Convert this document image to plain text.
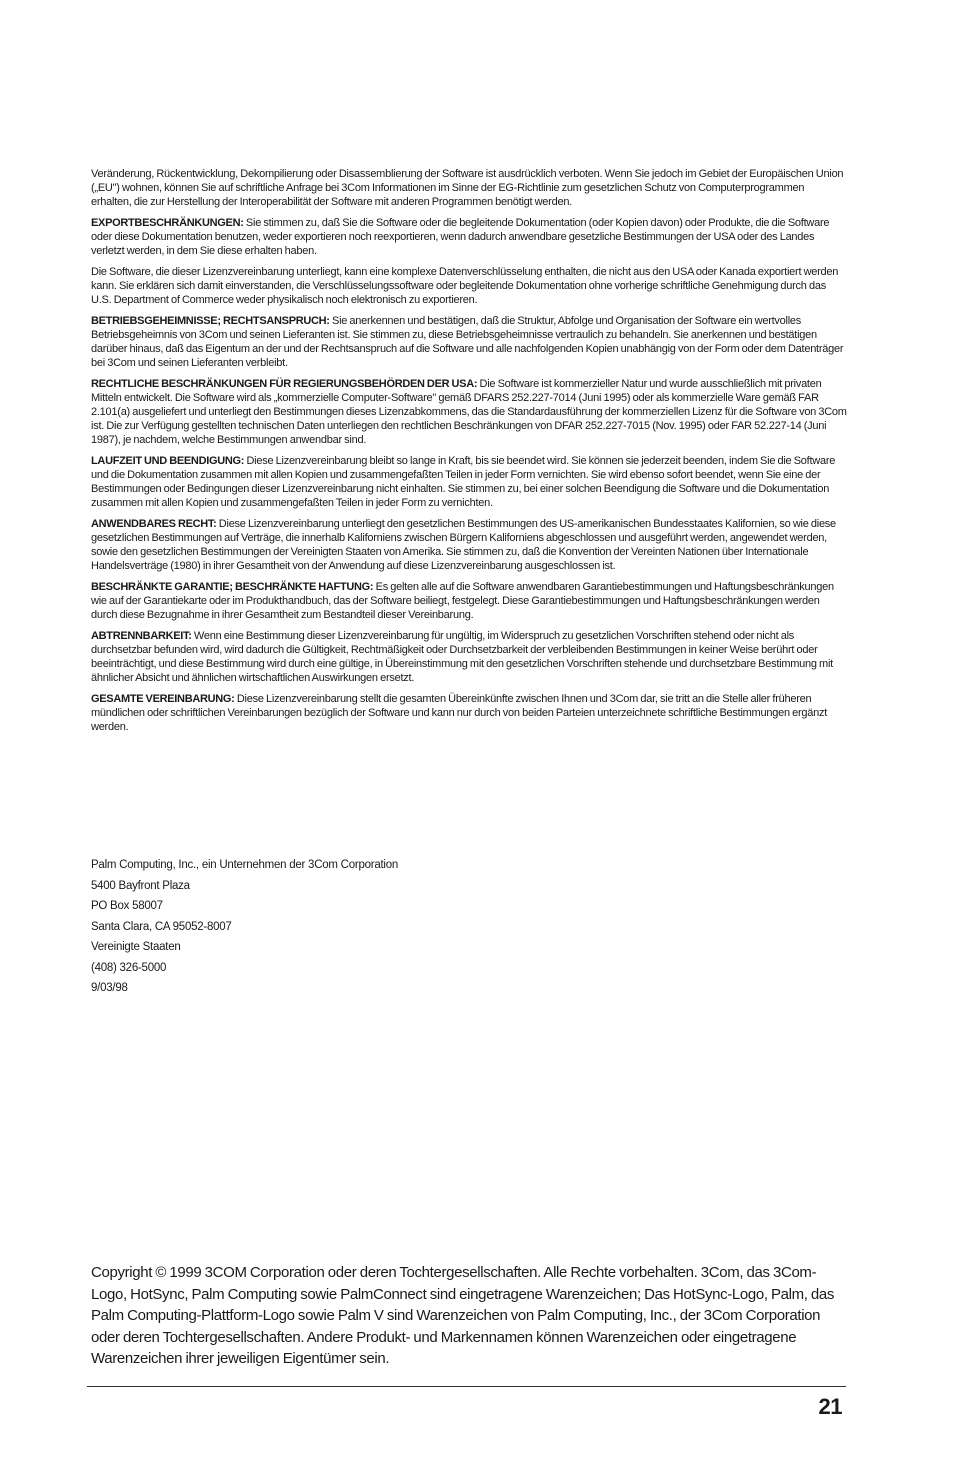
Veränderung, Rückentwicklung, Dekompilierung oder Disassemblierung der Software ist ausdrücklich verboten. Wenn Sie jedoch im Gebiet der Europäischen Union („EU") wohnen, können Sie auf schriftliche Anfrage bei 3Com Informationen im Sinne der EG-Richtlinie zum gesetzlichen Schutz von Computerprogrammen erhalten, die zur Herstellung der Interoperabilität der Software mit anderen Programmen benötigt werden.

EXPORTBESCHRÄNKUNGEN: Sie stimmen zu, daß Sie die Software oder die begleitende Dokumentation (oder Kopien davon) oder Produkte, die die Software oder diese Dokumentation benutzen, weder exportieren noch reexportieren, wenn dadurch anwendbare gesetzliche Bestimmungen der USA oder des Landes verletzt werden, in dem Sie diese erhalten haben.

Die Software, die dieser Lizenzvereinbarung unterliegt, kann eine komplexe Datenverschlüsselung enthalten, die nicht aus den USA oder Kanada exportiert werden kann. Sie erklären sich damit einverstanden, die Verschlüsselungssoftware oder begleitende Dokumentation ohne vorherige schriftliche Genehmigung durch das U.S. Department of Commerce weder physikalisch noch elektronisch zu exportieren.

BETRIEBSGEHEIMNISSE; RECHTSANSPRUCH: Sie anerkennen und bestätigen, daß die Struktur, Abfolge und Organisation der Software ein wertvolles Betriebsgeheimnis von 3Com und seinen Lieferanten ist. Sie stimmen zu, diese Betriebsgeheimnisse vertraulich zu behandeln. Sie anerkennen und bestätigen darüber hinaus, daß das Eigentum an der und der Rechtsanspruch auf die Software und alle nachfolgenden Kopien unabhängig von der Form oder dem Datenträger bei 3Com und seinen Lieferanten verbleibt.

RECHTLICHE BESCHRÄNKUNGEN FÜR REGIERUNGSBEHÖRDEN DER USA: Die Software ist kommerzieller Natur und wurde ausschließlich mit privaten Mitteln entwickelt. Die Software wird als „kommerzielle Computer-Software" gemäß DFARS 252.227-7014 (Juni 1995) oder als kommerzielle Ware gemäß FAR 2.101(a) ausgeliefert und unterliegt den Bestimmungen dieses Lizenzabkommens, das die Standardausführung der kommerziellen Lizenz für die Software von 3Com ist. Die zur Verfügung gestellten technischen Daten unterliegen den rechtlichen Beschränkungen von DFAR 252.227-7015 (Nov. 1995) oder FAR 52.227-14 (Juni 1987), je nachdem, welche Bestimmungen anwendbar sind.

LAUFZEIT UND BEENDIGUNG: Diese Lizenzvereinbarung bleibt so lange in Kraft, bis sie beendet wird. Sie können sie jederzeit beenden, indem Sie die Software und die Dokumentation zusammen mit allen Kopien und zusammengefaßten Teilen in jeder Form vernichten. Sie wird ebenso sofort beendet, wenn Sie eine der Bestimmungen oder Bedingungen dieser Lizenzvereinbarung nicht einhalten. Sie stimmen zu, bei einer solchen Beendigung die Software und die Dokumentation zusammen mit allen Kopien und zusammengefaßten Teilen in jeder Form zu vernichten.

ANWENDBARES RECHT: Diese Lizenzvereinbarung unterliegt den gesetzlichen Bestimmungen des US-amerikanischen Bundesstaates Kalifornien, so wie diese gesetzlichen Bestimmungen auf Verträge, die innerhalb Kaliforniens zwischen Bürgern Kaliforniens abgeschlossen und ausgeführt werden, angewendet werden, sowie den gesetzlichen Bestimmungen der Vereinigten Staaten von Amerika. Sie stimmen zu, daß die Konvention der Vereinten Nationen über Internationale Handelsverträge (1980) in ihrer Gesamtheit von der Anwendung auf diese Lizenzvereinbarung ausgeschlossen ist.

BESCHRÄNKTE GARANTIE; BESCHRÄNKTE HAFTUNG: Es gelten alle auf die Software anwendbaren Garantiebestimmungen und Haftungsbeschränkungen wie auf der Garantiekarte oder im Produkthandbuch, das der Software beiliegt, festgelegt. Diese Garantiebestimmungen und Haftungsbeschränkungen werden durch diese Bezugnahme in ihrer Gesamtheit zum Bestandteil dieser Vereinbarung.

ABTRENNBARKEIT: Wenn eine Bestimmung dieser Lizenzvereinbarung für ungültig, im Widerspruch zu gesetzlichen Vorschriften stehend oder nicht als durchsetzbar befunden wird, wird dadurch die Gültigkeit, Rechtmäßigkeit oder Durchsetzbarkeit der verbleibenden Bestimmungen in keiner Weise berührt oder beeinträchtigt, und diese Bestimmung wird durch eine gültige, in Übereinstimmung mit den gesetzlichen Vorschriften stehende und durchsetzbare Bestimmung mit ähnlicher Absicht und ähnlichen wirtschaftlichen Auswirkungen ersetzt.

GESAMTE VEREINBARUNG: Diese Lizenzvereinbarung stellt die gesamten Übereinkünfte zwischen Ihnen und 3Com dar, sie tritt an die Stelle aller früheren mündlichen oder schriftlichen Vereinbarungen bezüglich der Software und kann nur durch von beiden Parteien unterzeichnete schriftliche Bestimmungen ergänzt werden.

Palm Computing, Inc., ein Unternehmen der 3Com Corporation
5400 Bayfront Plaza
PO Box 58007
Santa Clara, CA 95052-8007
Vereinigte Staaten
(408) 326-5000
9/03/98
Copyright © 1999 3COM Corporation oder deren Tochtergesellschaften. Alle Rechte vorbehalten. 3Com, das 3Com-Logo, HotSync, Palm Computing sowie PalmConnect sind eingetragene Warenzeichen; Das HotSync-Logo, Palm, das Palm Computing-Plattform-Logo sowie Palm V sind Warenzeichen von Palm Computing, Inc., der 3Com Corporation oder deren Tochtergesellschaften. Andere Produkt- und Markennamen können Warenzeichen oder eingetragene Warenzeichen ihrer jeweiligen Eigentümer sein.
21
